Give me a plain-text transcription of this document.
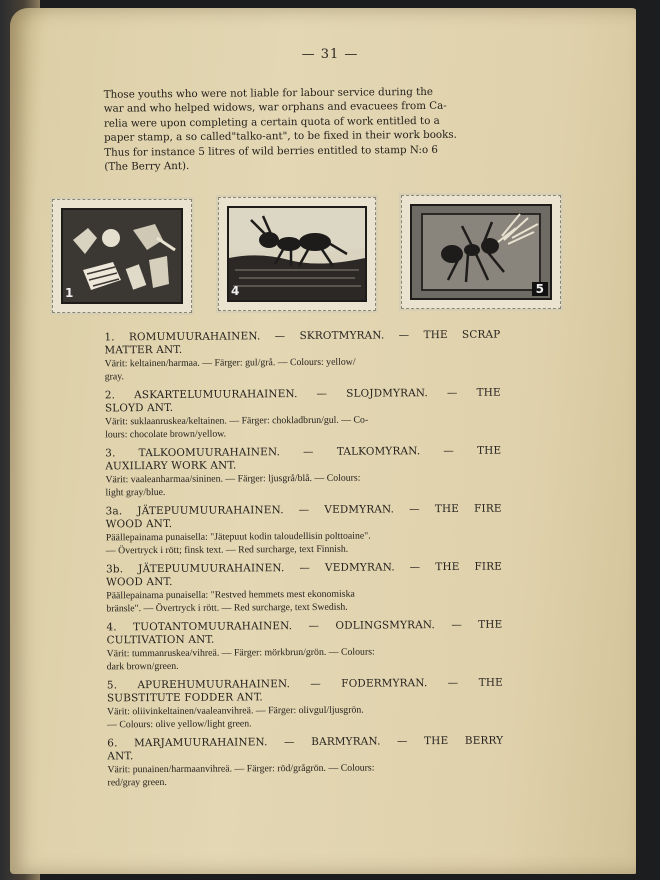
— 31 —
Those youths who were not liable for labour service during the
war and who helped widows, war orphans and evacuees from Ca-
relia were upon completing a certain quota of work entitled to a
paper stamp, a so called"talko-ant", to be fixed in their work books.
Thus for instance 5 litres of wild berries entitled to stamp N:o 6
(The Berry Ant).
1	4	5
1. ROMUMUURAHAINEN. — SKROTMYRAN. — THE SCRAP
MATTER ANT.
Värit: keltainen/harmaa. — Färger: gul/grå. — Colours: yellow/
gray.
2. ASKARTELUMUURAHAINEN. — SLOJDMYRAN. — THE
SLOYD ANT.
Värit: suklaanruskea/keltainen. — Färger: chokladbrun/gul. — Co-
lours: chocolate brown/yellow.
3. TALKOOMUURAHAINEN. — TALKOMYRAN. — THE
AUXILIARY WORK ANT.
Värit: vaaleanharmaa/sininen. — Färger: ljusgrå/blå. — Colours:
light gray/blue.
3a. JÄTEPUUMUURAHAINEN. — VEDMYRAN. — THE FIRE
WOOD ANT.
Päällepainama punaisella: "Jätepuut kodin taloudellisin polttoaine".
— Övertryck i rött; finsk text. — Red surcharge, text Finnish.
3b. JÄTEPUUMUURAHAINEN. — VEDMYRAN. — THE FIRE
WOOD ANT.
Päällepainama punaisella: "Restved hemmets mest ekonomiska
bränsle". — Övertryck i rött. — Red surcharge, text Swedish.
4. TUOTANTOMUURAHAINEN. — ODLINGSMYRAN. — THE
CULTIVATION ANT.
Värit: tummanruskea/vihreä. — Färger: mörkbrun/grön. — Colours:
dark brown/green.
5. APUREHUMUURAHAINEN. — FODERMYRAN. — THE
SUBSTITUTE FODDER ANT.
Värit: oliivinkeltainen/vaaleanvihreä. — Färger: olivgul/ljusgrön.
— Colours: olive yellow/light green.
6. MARJAMUURAHAINEN. — BARMYRAN. — THE BERRY
ANT.
Värit: punainen/harmaanvihreä. — Färger: röd/grågrön. — Colours:
red/gray green.
